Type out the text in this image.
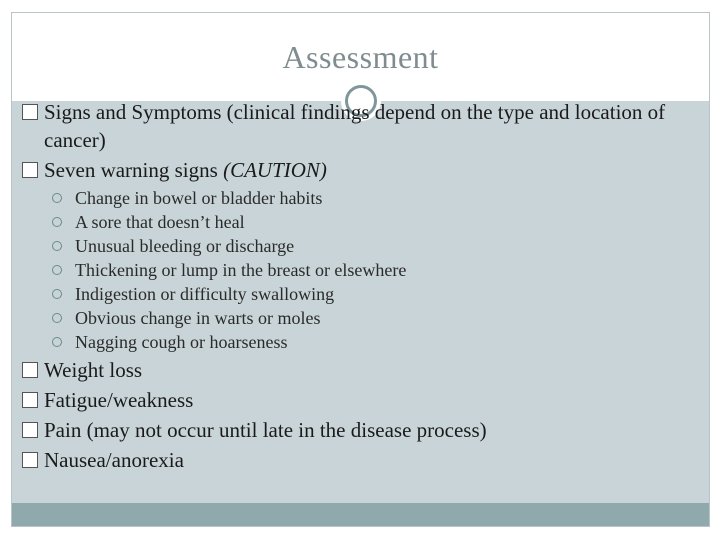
Assessment
Signs and Symptoms (clinical findings depend on the type and location of cancer)
Seven warning signs (CAUTION)
Change in bowel or bladder habits
A sore that doesn’t heal
Unusual bleeding or discharge
Thickening or lump in the breast or elsewhere
Indigestion or difficulty swallowing
Obvious change in warts or moles
Nagging cough or hoarseness
Weight loss
Fatigue/weakness
Pain (may not occur until late in the disease process)
Nausea/anorexia
